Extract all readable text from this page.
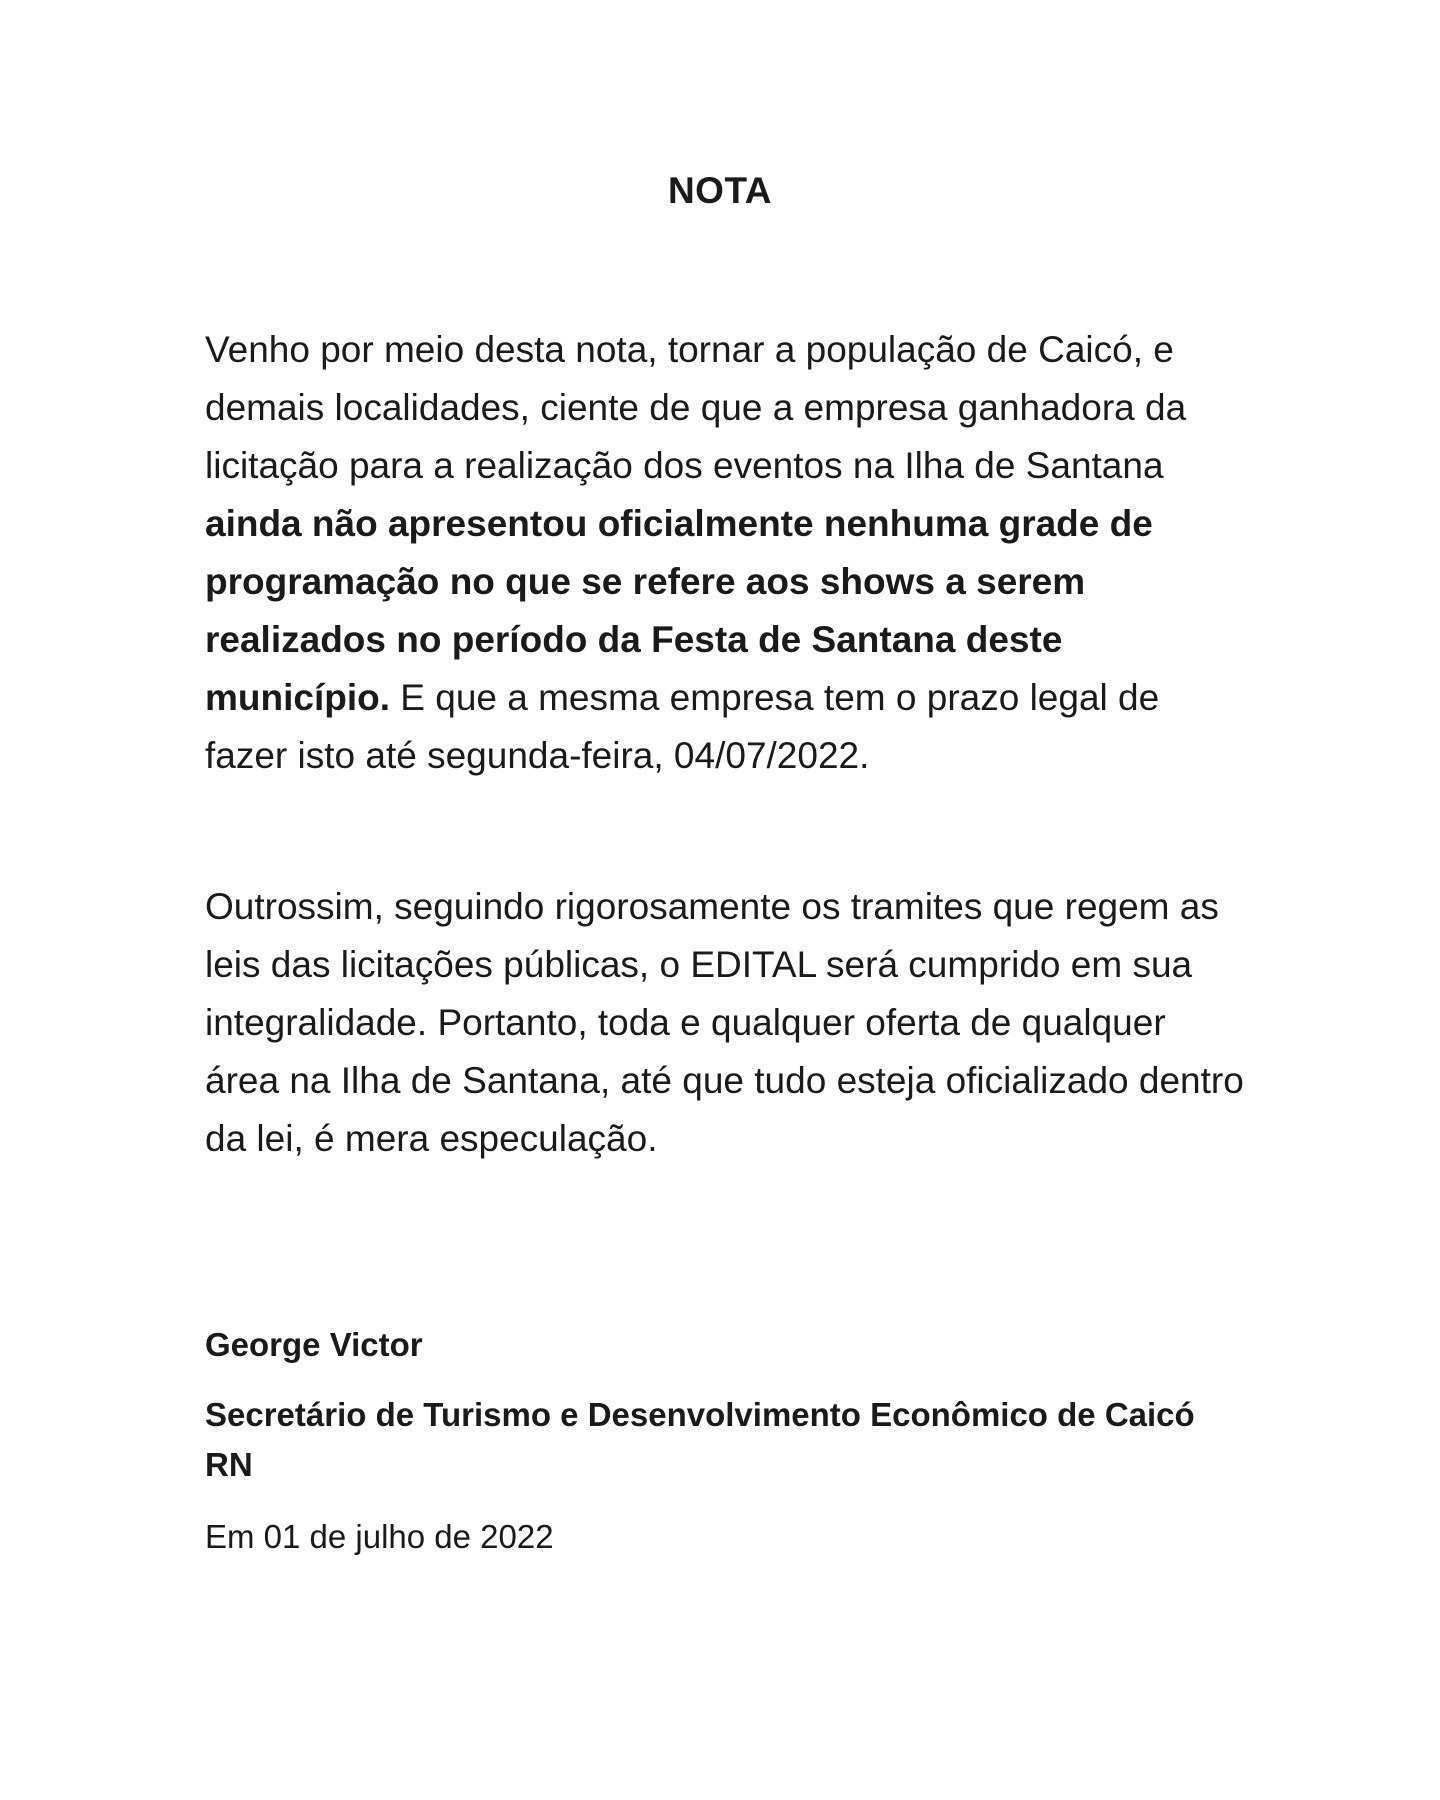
NOTA
Venho por meio desta nota, tornar a população de Caicó, e demais localidades, ciente de que a empresa ganhadora da licitação para a realização dos eventos na Ilha de Santana ainda não apresentou oficialmente nenhuma grade de programação no que se refere aos shows a serem realizados no período da Festa de Santana deste município. E que a mesma empresa tem o prazo legal de fazer isto até segunda-feira, 04/07/2022.
Outrossim, seguindo rigorosamente os tramites que regem as leis das licitações públicas, o EDITAL será cumprido em sua integralidade. Portanto, toda e qualquer oferta de qualquer área na Ilha de Santana, até que tudo esteja oficializado dentro da lei, é mera especulação.
George Victor
Secretário de Turismo e Desenvolvimento Econômico de Caicó RN
Em 01 de julho de 2022
